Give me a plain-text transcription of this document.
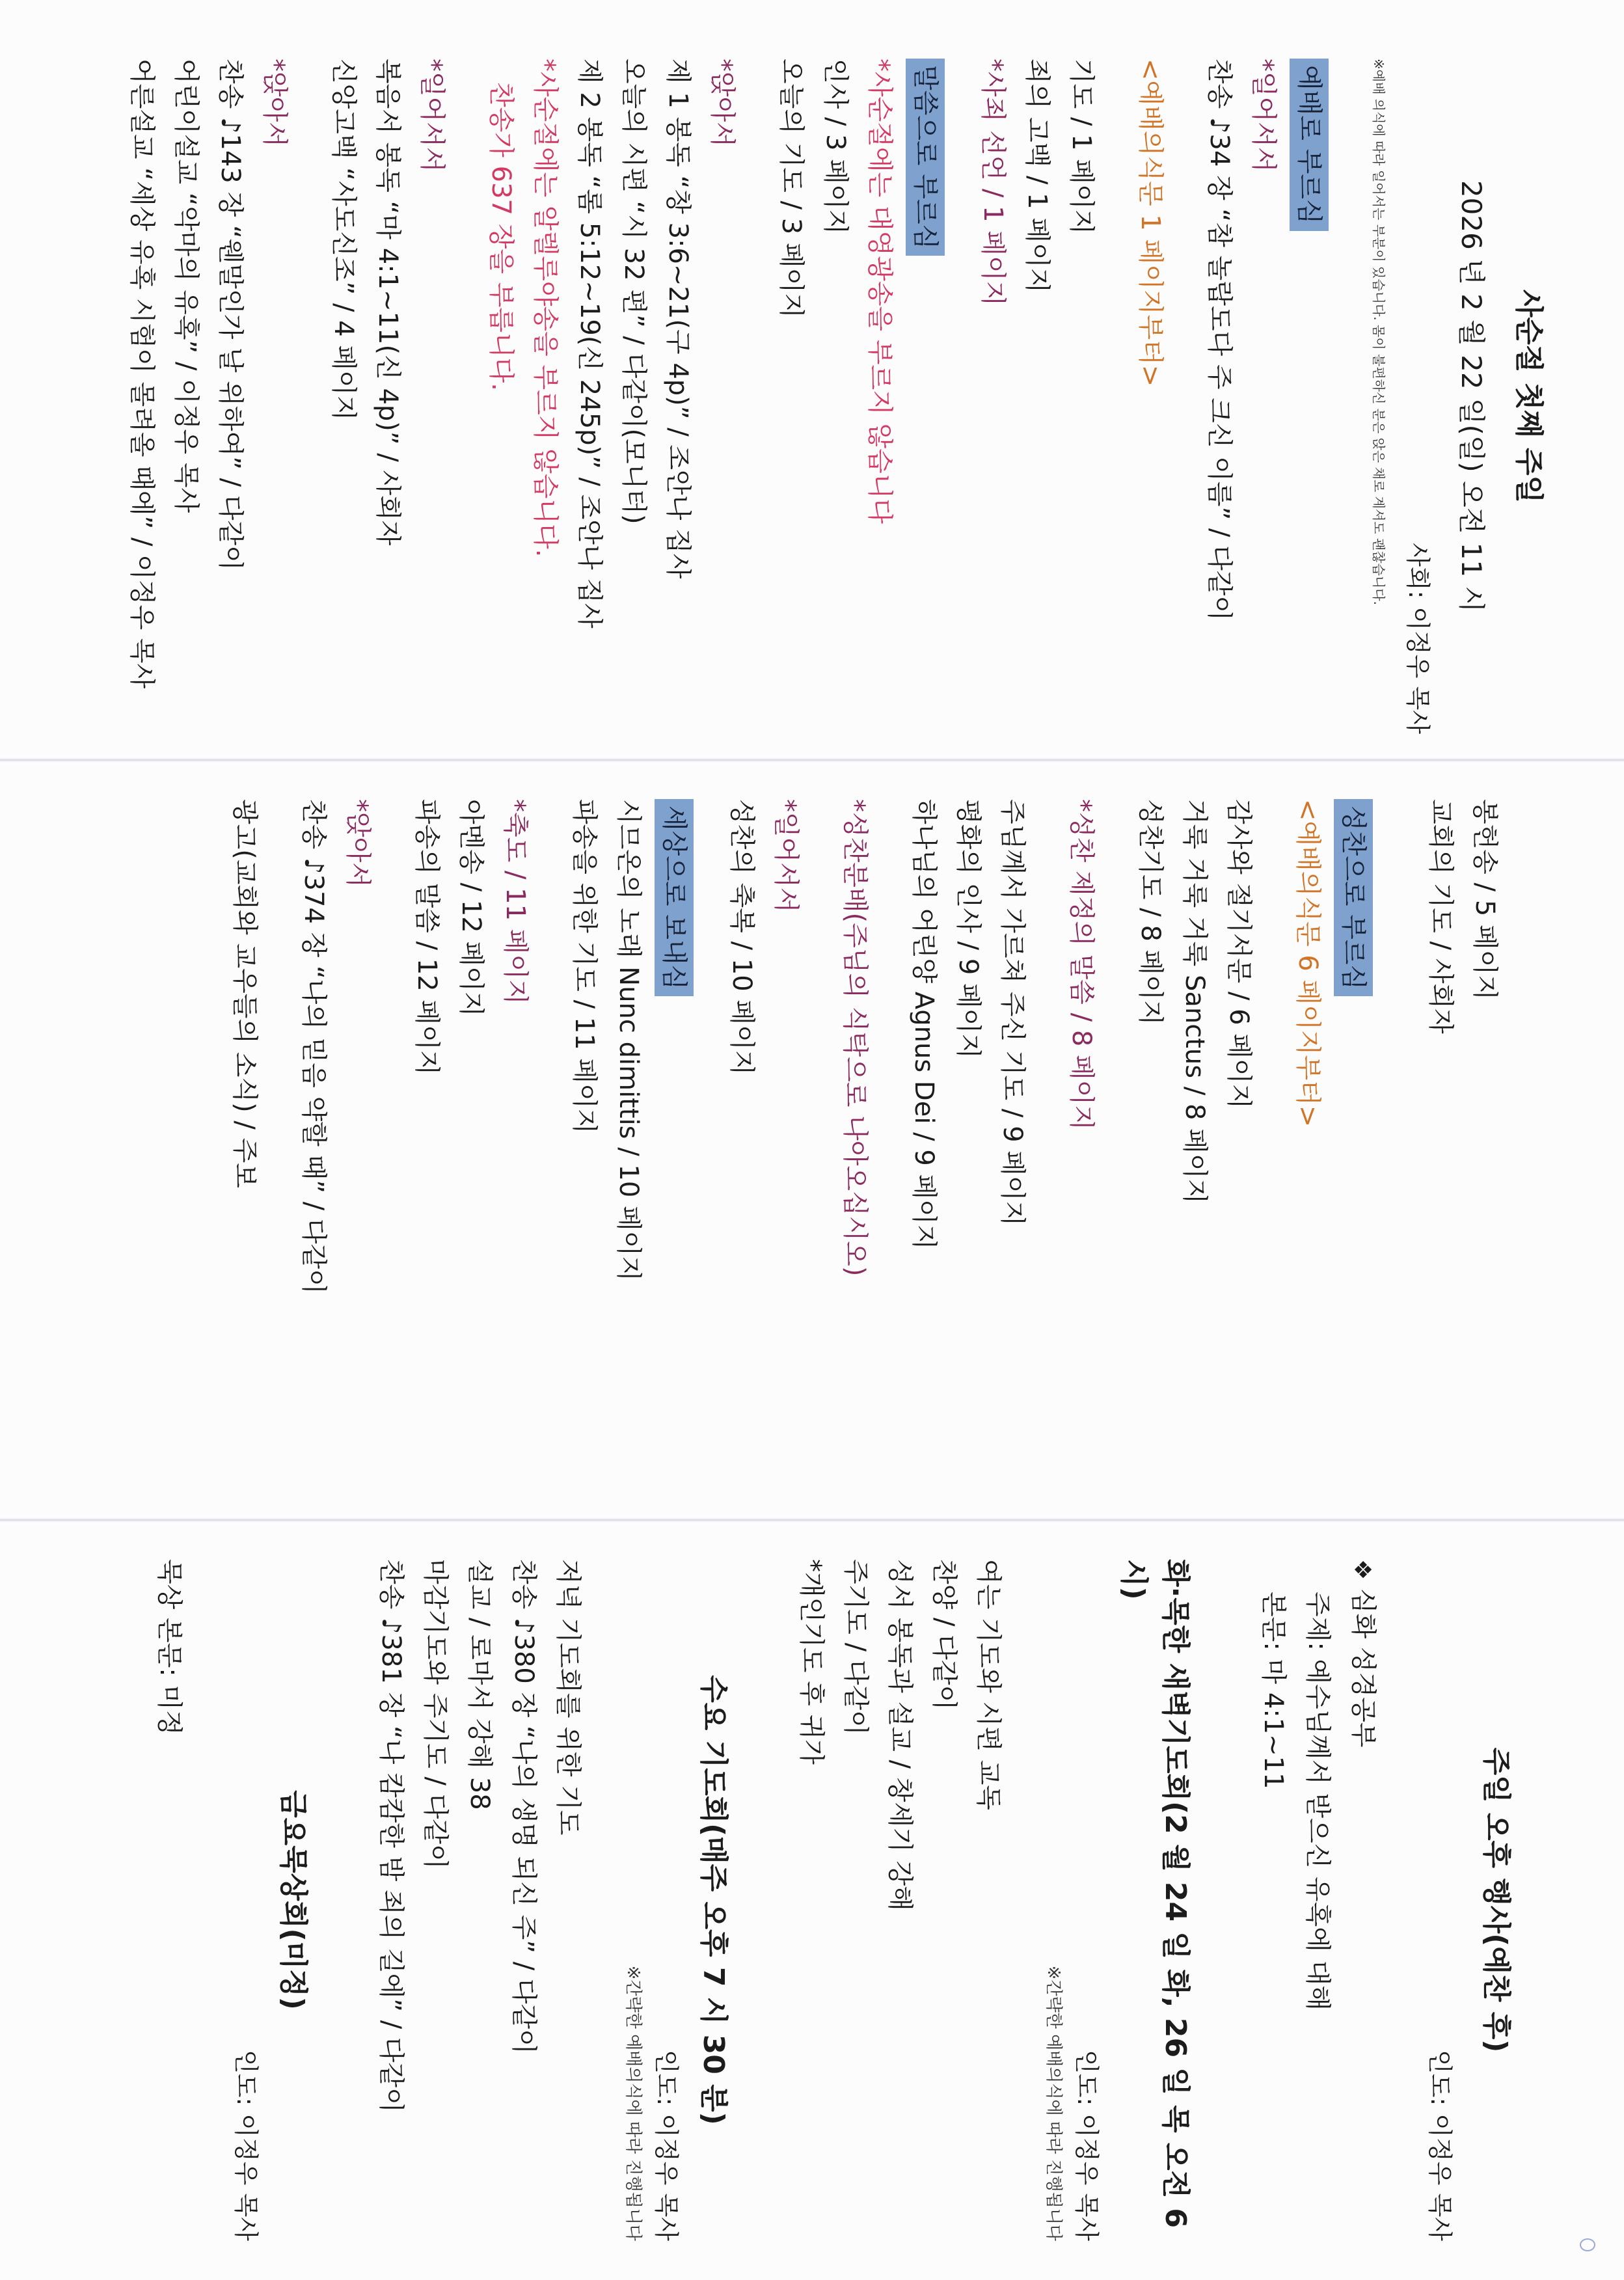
사순절 첫째 주일
2026 년 2 월 22 일(일) 오전 11 시
사회: 이정우 목사
※예배 의식에 따라 일어서는 부분이 있습니다. 몸이 불편하신 분은 앉은 채로 계셔도 괜찮습니다.
예배로 부르심
*일어서서
찬송 ♪34 장 “참 놀랍도다 주 크신 이름” / 다같이
<예배의식문 1 페이지부터>
기도 / 1 페이지
죄의 고백 / 1 페이지
*사죄 선언 / 1 페이지
말씀으로 부르심
*사순절에는 대영광송을 부르지 않습니다
인사 / 3 페이지
오늘의 기도 / 3 페이지
*앉아서
제 1 봉독 “창 3:6~21(구 4p)” / 조안나 집사
오늘의 시편 “시 32 편” / 다같이(모니터)
제 2 봉독 “롬 5:12~19(신 245p)” / 조안나 집사
*사순절에는 알렐루야송을 부르지 않습니다.
찬송가 637 장을 부릅니다.
*일어서서
복음서 봉독 “마 4:1~11(신 4p)” / 사회자
신앙고백 “사도신조” / 4 페이지
*앉아서
찬송 ♪143 장 “웬말인가 날 위하여” / 다같이
어린이설교 “악마의 유혹” / 이정우 목사
어른설교 “세상 유혹 시험이 몰려올 때에” / 이정우 목사
봉헌송 / 5 페이지
교회의 기도 / 사회자
성찬으로 부르심
<예배의식문 6 페이지부터>
감사와 절기서문 / 6 페이지
거룩 거룩 거룩 Sanctus / 8 페이지
성찬기도 / 8 페이지
*성찬 제정의 말씀 / 8 페이지
주님께서 가르쳐 주신 기도 / 9 페이지
평화의 인사 / 9 페이지
하나님의 어린양 Agnus Dei / 9 페이지
*성찬분배(주님의 식탁으로 나아오십시오)
*일어서서
성찬의 축복 / 10 페이지
세상으로 보내심
시므온의 노래 Nunc dimittis / 10 페이지
파송을 위한 기도 / 11 페이지
*축도 / 11 페이지
아멘송 / 12 페이지
파송의 말씀 / 12 페이지
*앉아서
찬송 ♪374 장 “나의 믿음 약할 때” / 다같이
광고(교회와 교우들의 소식) / 주보
주일 오후 행사(예찬 후)
인도: 이정우 목사
❖ 심화 성경공부
주제: 예수님께서 받으신 유혹에 대해
본문: 마 4:1~11
화·목한 새벽기도회(2 월 24 일 화, 26 일 목 오전 6 시)
인도: 이정우 목사
※간략한 예배의식에 따라 진행됩니다
여는 기도와 시편 교독
찬양 / 다같이
성서 봉독과 설교 / 창세기 강해
주기도 / 다같이
*개인기도 후 귀가
수요 기도회(매주 오후 7 시 30 분)
인도: 이정우 목사
※간략한 예배의식에 따라 진행됩니다
저녁 기도회를 위한 기도
찬송 ♪380 장 “나의 생명 되신 주” / 다같이
설교 / 로마서 강해 38
마감기도와 주기도 / 다같이
찬송 ♪381 장 “나 캄캄한 밤 죄의 길에” / 다같이
금요묵상회(미정)
인도: 이정우 목사
묵상 본문: 미정
